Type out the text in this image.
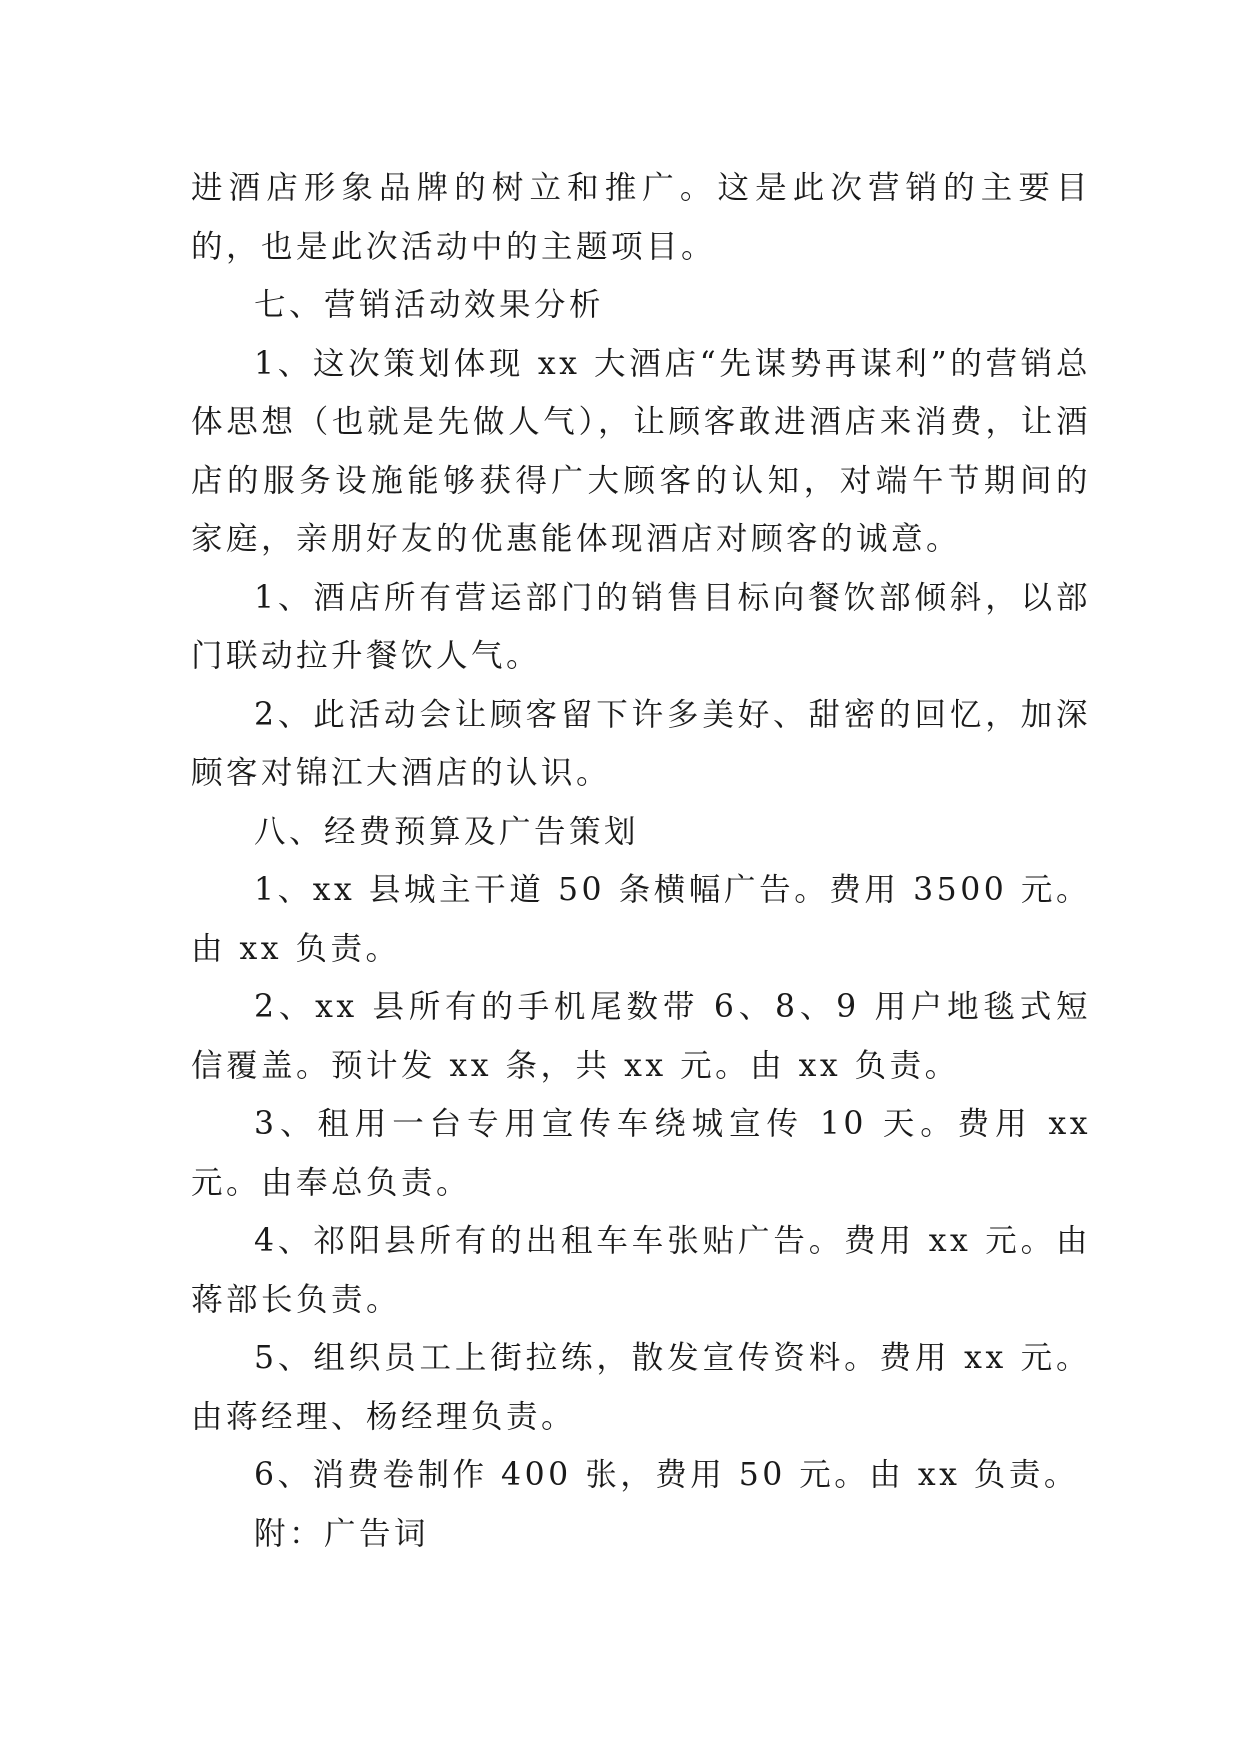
进酒店形象品牌的树立和推广。这是此次营销的主要目的，也是此次活动中的主题项目。

七、营销活动效果分析

1、这次策划体现 xx 大酒店“先谋势再谋利”的营销总体思想（也就是先做人气），让顾客敢进酒店来消费，让酒店的服务设施能够获得广大顾客的认知，对端午节期间的家庭，亲朋好友的优惠能体现酒店对顾客的诚意。

1、酒店所有营运部门的销售目标向餐饮部倾斜，以部门联动拉升餐饮人气。

2、此活动会让顾客留下许多美好、甜密的回忆，加深顾客对锦江大酒店的认识。

八、经费预算及广告策划

1、xx 县城主干道 50 条横幅广告。费用 3500 元。由 xx 负责。

2、xx 县所有的手机尾数带 6、8、9 用户地毯式短信覆盖。预计发 xx 条，共 xx 元。由 xx 负责。

3、租用一台专用宣传车绕城宣传 10 天。费用 xx 元。由奉总负责。

4、祁阳县所有的出租车车张贴广告。费用 xx 元。由蒋部长负责。

5、组织员工上街拉练，散发宣传资料。费用 xx 元。由蒋经理、杨经理负责。

6、消费卷制作 400 张，费用 50 元。由 xx 负责。

附：广告词
